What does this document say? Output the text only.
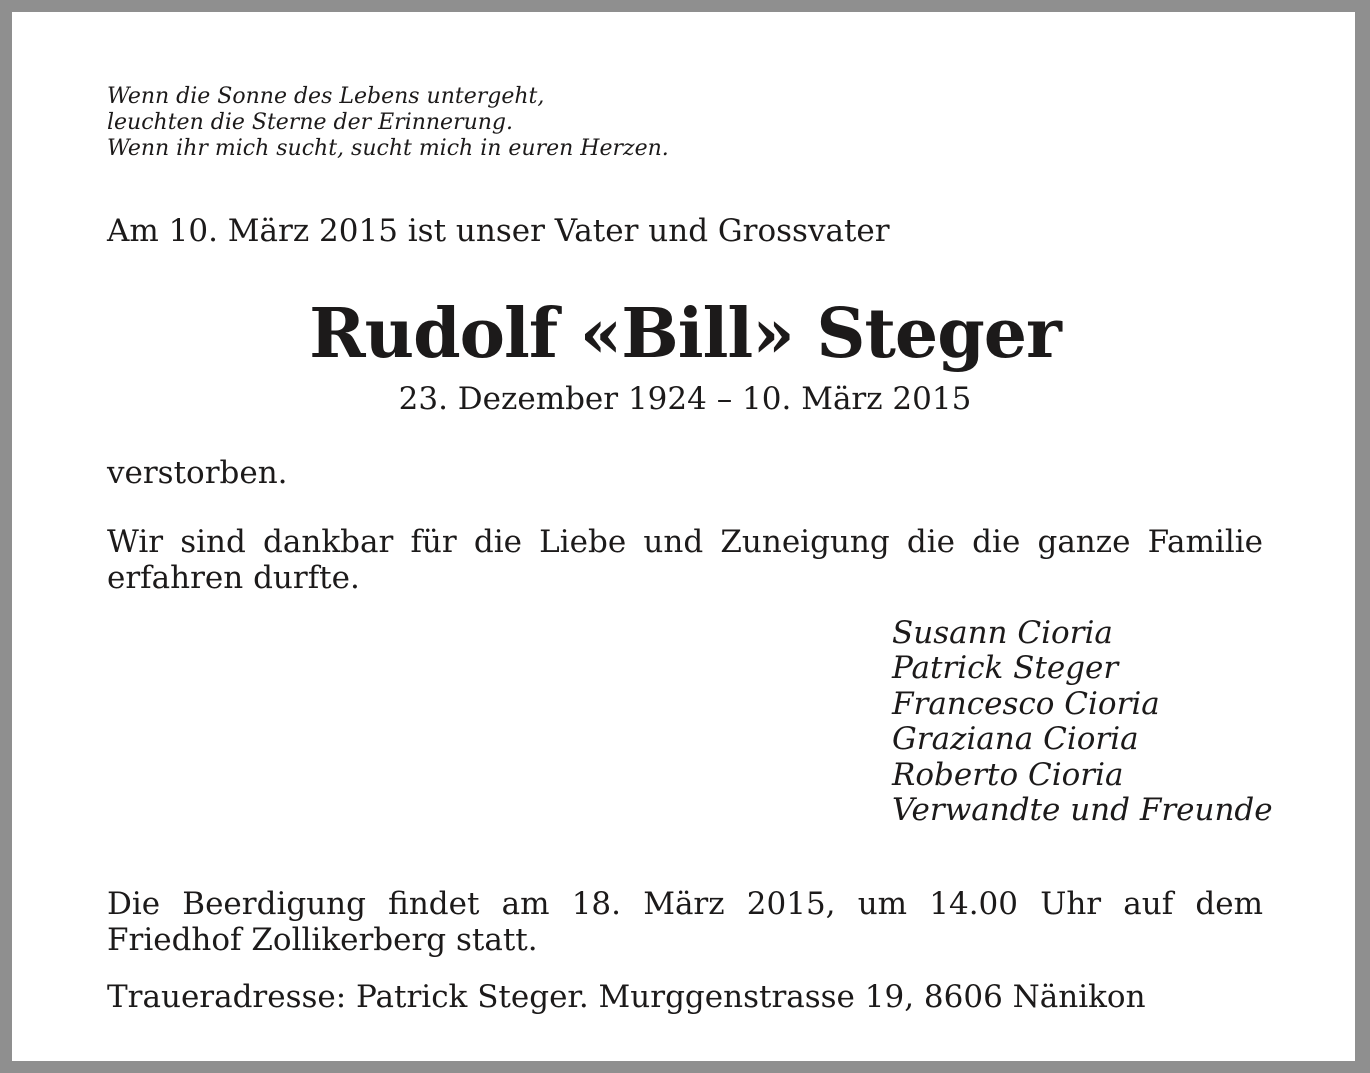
Wenn die Sonne des Lebens untergeht,
leuchten die Sterne der Erinnerung.
Wenn ihr mich sucht, sucht mich in euren Herzen.
Am 10. März 2015 ist unser Vater und Grossvater
Rudolf «Bill» Steger
23. Dezember 1924 – 10. März 2015
verstorben.
Wir sind dankbar für die Liebe und Zuneigung die die ganze Familie erfahren durfte.
Susann Cioria
Patrick Steger
Francesco Cioria
Graziana Cioria
Roberto Cioria
Verwandte und Freunde
Die Beerdigung findet am 18. März 2015, um 14.00 Uhr auf dem Friedhof Zollikerberg statt.
Traueradresse: Patrick Steger. Murggenstrasse 19, 8606 Nänikon
